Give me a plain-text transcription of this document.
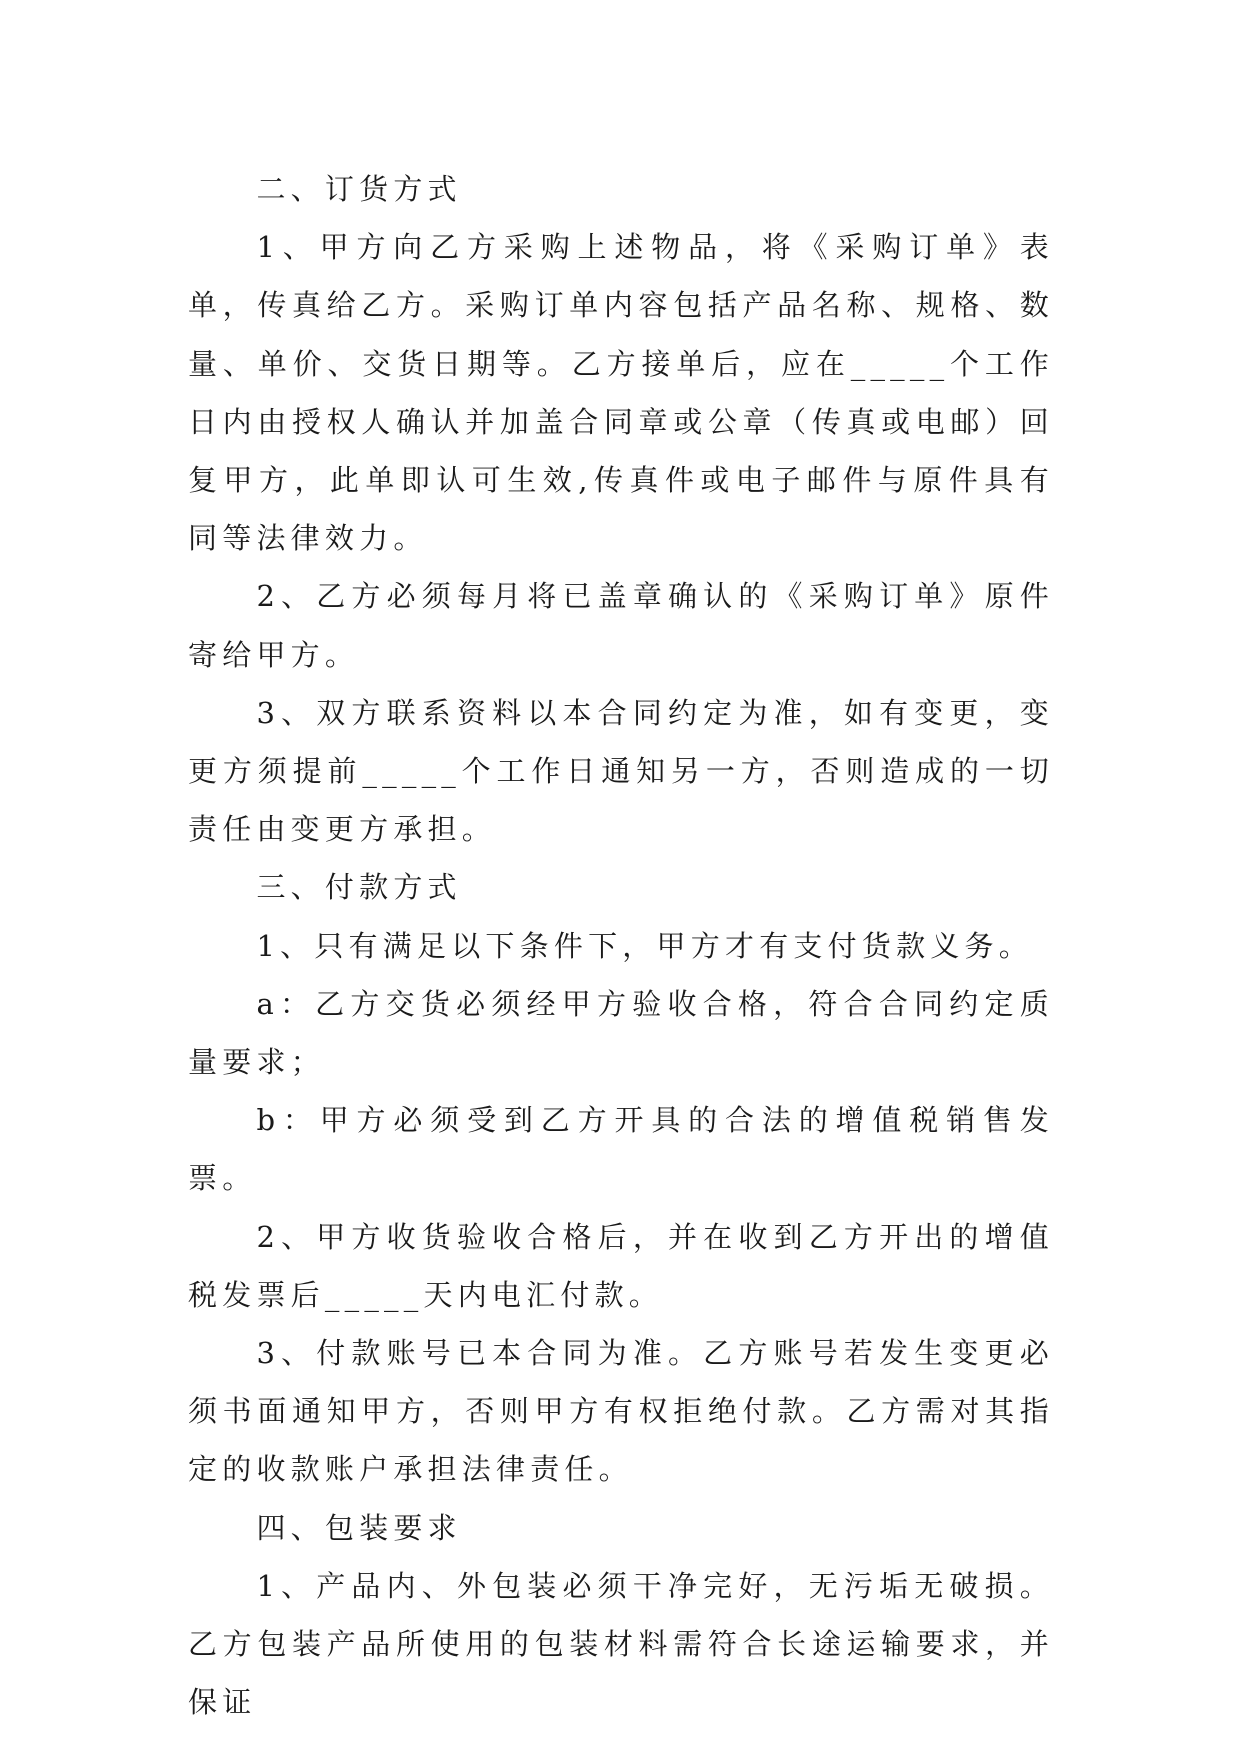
二、订货方式

1、甲方向乙方采购上述物品，将《采购订单》表单，传真给乙方。采购订单内容包括产品名称、规格、数量、单价、交货日期等。乙方接单后，应在_____个工作日内由授权人确认并加盖合同章或公章（传真或电邮）回复甲方，此单即认可生效,传真件或电子邮件与原件具有同等法律效力。

2、乙方必须每月将已盖章确认的《采购订单》原件寄给甲方。

3、双方联系资料以本合同约定为准，如有变更，变更方须提前_____个工作日通知另一方，否则造成的一切责任由变更方承担。

三、付款方式

1、只有满足以下条件下，甲方才有支付货款义务。

a：乙方交货必须经甲方验收合格，符合合同约定质量要求；

b：甲方必须受到乙方开具的合法的增值税销售发票。

2、甲方收货验收合格后，并在收到乙方开出的增值税发票后_____天内电汇付款。

3、付款账号已本合同为准。乙方账号若发生变更必须书面通知甲方，否则甲方有权拒绝付款。乙方需对其指定的收款账户承担法律责任。

四、包装要求

1、产品内、外包装必须干净完好，无污垢无破损。乙方包装产品所使用的包装材料需符合长途运输要求，并保证
